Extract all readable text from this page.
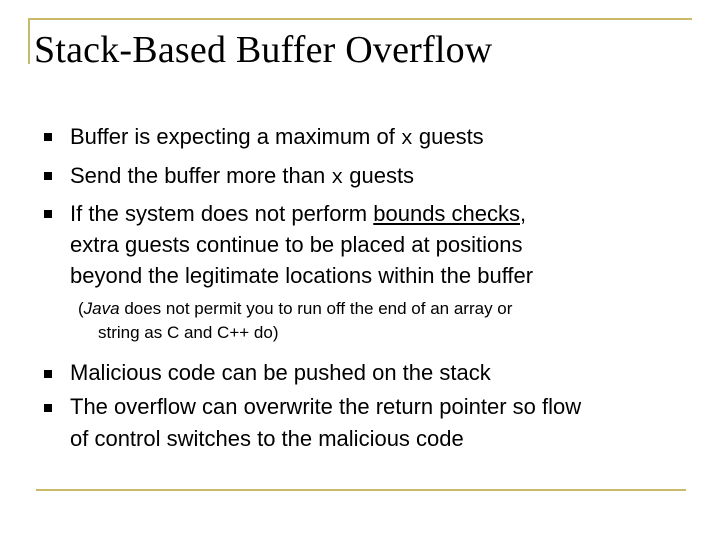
Stack-Based Buffer Overflow
Buffer is expecting a maximum of x guests
Send the buffer more than x guests
If the system does not perform bounds checks,
extra guests continue to be placed at positions
beyond the legitimate locations within the buffer
(Java does not permit you to run off the end of an array or
string as C and C++ do)
Malicious code can be pushed on the stack
The overflow can overwrite the return pointer so flow
of control switches to the malicious code
